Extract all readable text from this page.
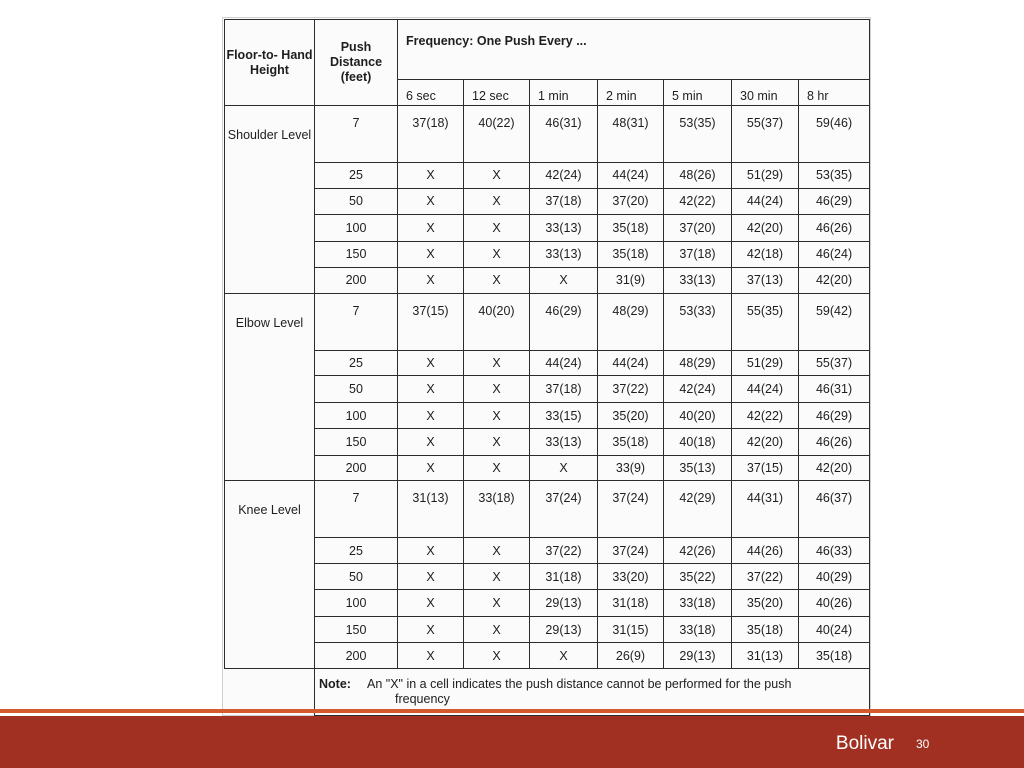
Floor-to- Hand Height	Push Distance (feet)	Frequency: One Push Every ...						
		6 sec	12 sec	1 min	2 min	5 min	30 min	8 hr
Shoulder Level	7	37(18)	40(22)	46(31)	48(31)	53(35)	55(37)	59(46)
	25	X	X	42(24)	44(24)	48(26)	51(29)	53(35)
	50	X	X	37(18)	37(20)	42(22)	44(24)	46(29)
	100	X	X	33(13)	35(18)	37(20)	42(20)	46(26)
	150	X	X	33(13)	35(18)	37(18)	42(18)	46(24)
	200	X	X	X	31(9)	33(13)	37(13)	42(20)
Elbow Level	7	37(15)	40(20)	46(29)	48(29)	53(33)	55(35)	59(42)
	25	X	X	44(24)	44(24)	48(29)	51(29)	55(37)
	50	X	X	37(18)	37(22)	42(24)	44(24)	46(31)
	100	X	X	33(15)	35(20)	40(20)	42(22)	46(29)
	150	X	X	33(13)	35(18)	40(18)	42(20)	46(26)
	200	X	X	X	33(9)	35(13)	37(15)	42(20)
Knee Level	7	31(13)	33(18)	37(24)	37(24)	42(29)	44(31)	46(37)
	25	X	X	37(22)	37(24)	42(26)	44(26)	46(33)
	50	X	X	31(18)	33(20)	35(22)	37(22)	40(29)
	100	X	X	29(13)	31(18)	33(18)	35(20)	40(26)
	150	X	X	29(13)	31(15)	33(18)	35(18)	40(24)
	200	X	X	X	26(9)	29(13)	31(13)	35(18)
	Note: An "X" in a cell indicates the push distance cannot be performed for the push
frequency							
Bolivar 30
